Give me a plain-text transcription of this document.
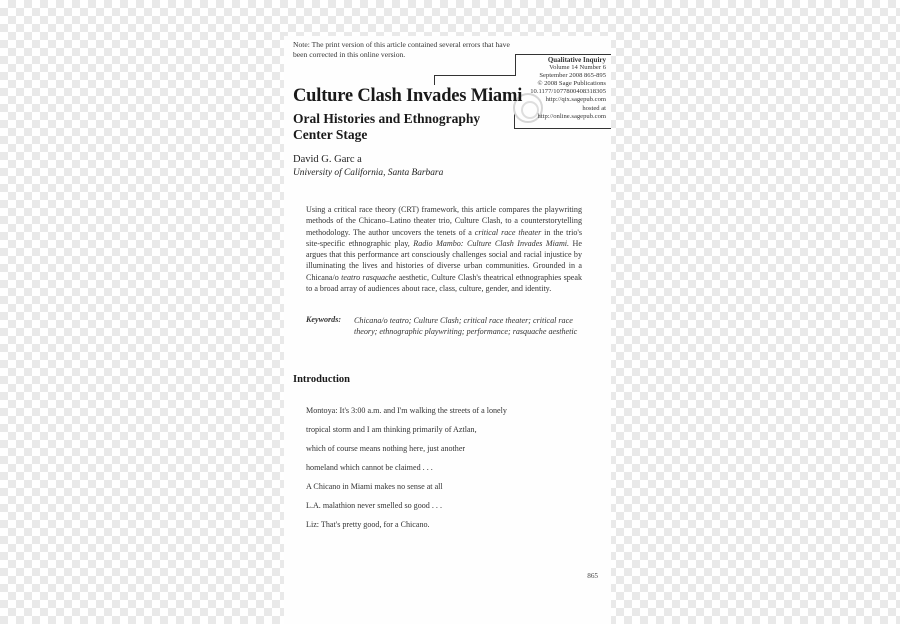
Note: The print version of this article contained several errors that have been corrected in this online version.
Qualitative Inquiry
Volume 14 Number 6
September 2008 865-895
© 2008 Sage Publications
10.1177/1077800408318305
http://qix.sagepub.com
hosted at
http://online.sagepub.com
Culture Clash Invades Miami
Oral Histories and Ethnography Center Stage
David G. Garc a
University of California, Santa Barbara
Using a critical race theory (CRT) framework, this article compares the playwriting methods of the Chicano–Latino theater trio, Culture Clash, to a counterstorytelling methodology. The author uncovers the tenets of a critical race theater in the trio's site-specific ethnographic play, Radio Mambo: Culture Clash Invades Miami. He argues that this performance art consciously challenges social and racial injustice by illuminating the lives and histories of diverse urban communities. Grounded in a Chicana/o teatro rasquache aesthetic, Culture Clash's theatrical ethnographies speak to a broad array of audiences about race, class, culture, gender, and identity.
Keywords: Chicana/o teatro; Culture Clash; critical race theater; critical race theory; ethnographic playwriting; performance; rasquache aesthetic
Introduction
Montoya: It's 3:00 a.m. and I'm walking the streets of a lonely
tropical storm and I am thinking primarily of Aztlan,
which of course means nothing here, just another
homeland which cannot be claimed . . .
A Chicano in Miami makes no sense at all
L.A. malathion never smelled so good . . .
Liz: That's pretty good, for a Chicano.
865
